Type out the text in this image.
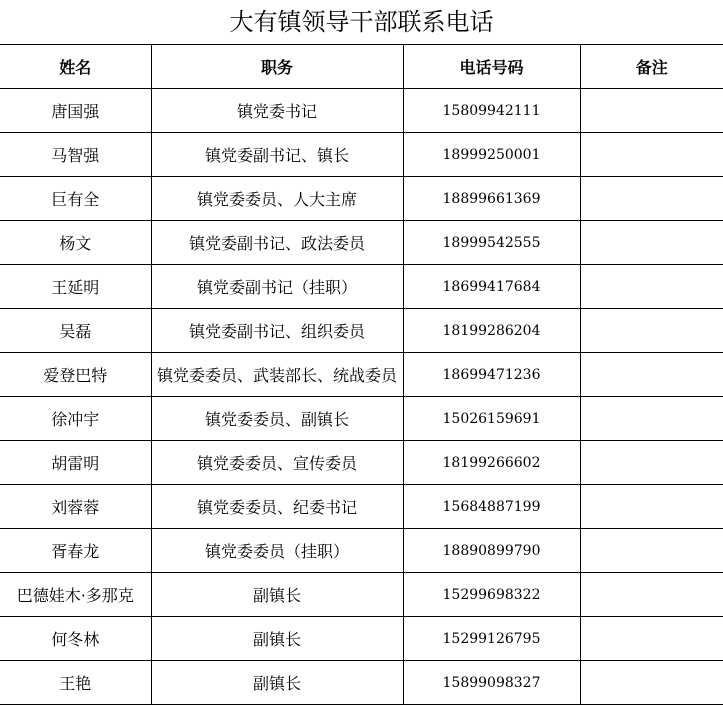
大有镇领导干部联系电话
姓名	职务	电话号码	备注
唐国强	镇党委书记	15809942111	
马智强	镇党委副书记、镇长	18999250001	
巨有全	镇党委委员、人大主席	18899661369	
杨文	镇党委副书记、政法委员	18999542555	
王延明	镇党委副书记（挂职）	18699417684	
吴磊	镇党委副书记、组织委员	18199286204	
爱登巴特	镇党委委员、武装部长、统战委员	18699471236	
徐冲宇	镇党委委员、副镇长	15026159691	
胡雷明	镇党委委员、宣传委员	18199266602	
刘蓉蓉	镇党委委员、纪委书记	15684887199	
胥春龙	镇党委委员（挂职）	18890899790	
巴德娃木·多那克	副镇长	15299698322	
何冬林	副镇长	15299126795	
王艳	副镇长	15899098327	
